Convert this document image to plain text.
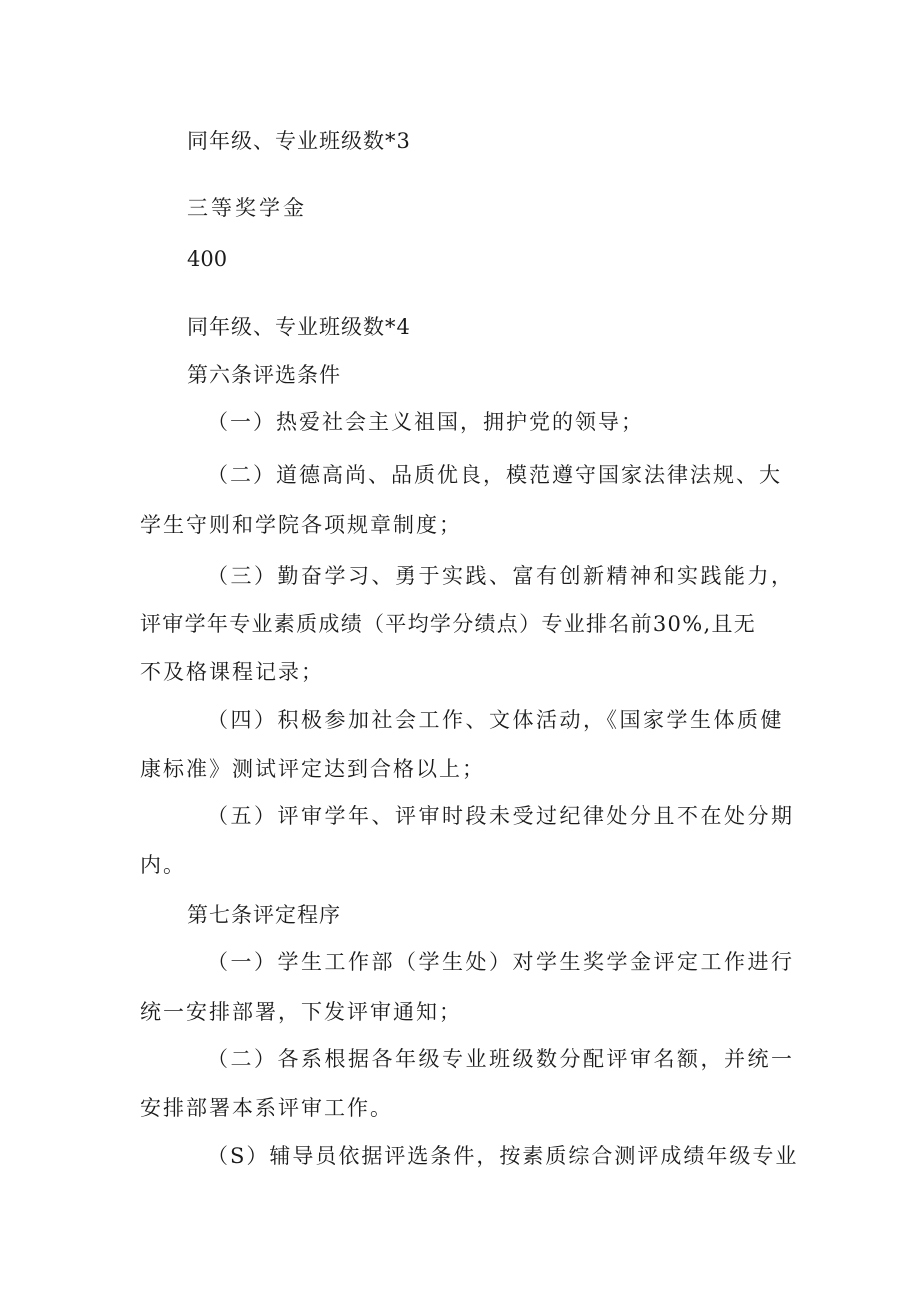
同年级、专业班级数*3
三等奖学金
400
同年级、专业班级数*4
第六条评选条件
（一）热爱社会主义祖国，拥护党的领导；
（二）道德高尚、品质优良，模范遵守国家法律法规、大
学生守则和学院各项规章制度；
（三）勤奋学习、勇于实践、富有创新精神和实践能力，
评审学年专业素质成绩（平均学分绩点）专业排名前30%,且无
不及格课程记录；
（四）积极参加社会工作、文体活动，《国家学生体质健
康标准》测试评定达到合格以上；
（五）评审学年、评审时段未受过纪律处分且不在处分期
内。
第七条评定程序
（一）学生工作部（学生处）对学生奖学金评定工作进行
统一安排部署，下发评审通知；
（二）各系根据各年级专业班级数分配评审名额，并统一
安排部署本系评审工作。
（S）辅导员依据评选条件，按素质综合测评成绩年级专业
